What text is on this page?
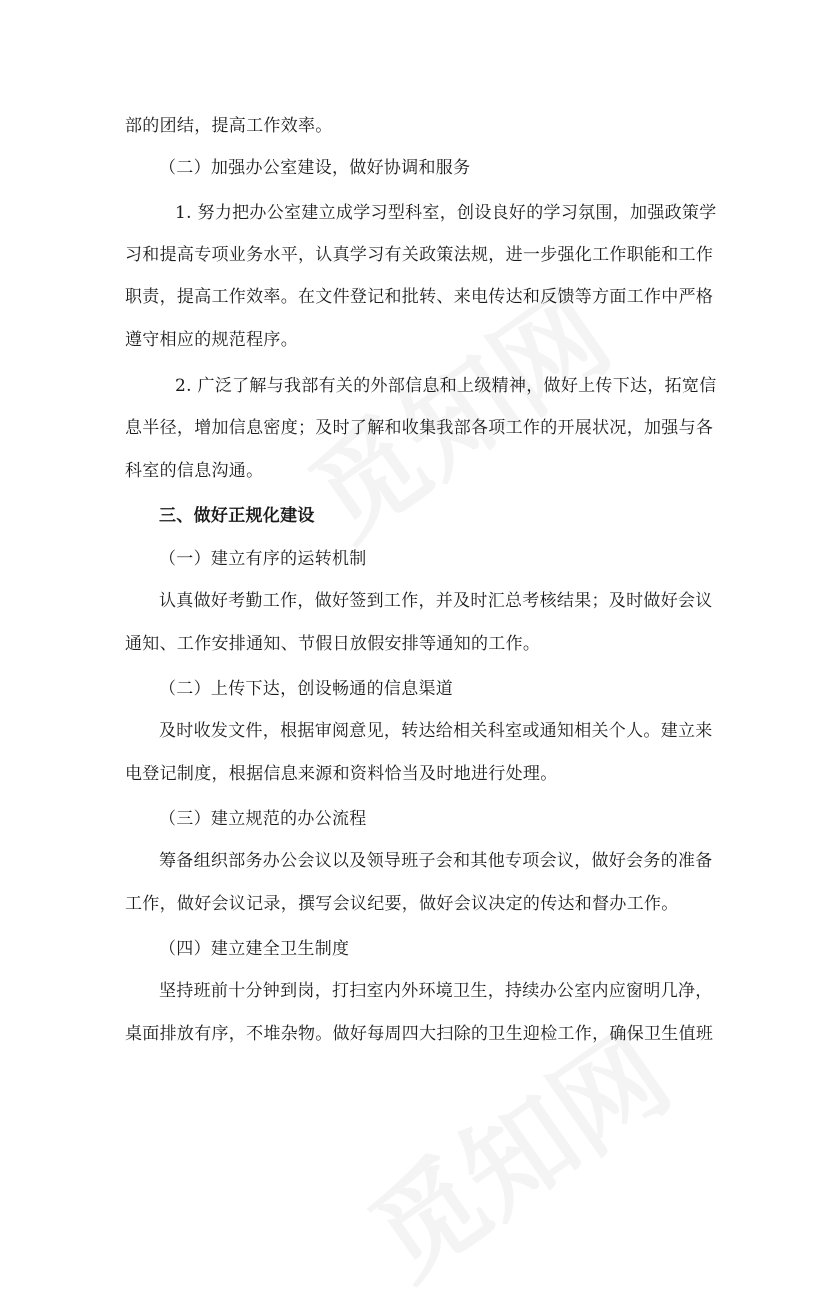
部的团结，提高工作效率。
（二）加强办公室建设，做好协调和服务
1. 努力把办公室建立成学习型科室，创设良好的学习氛围，加强政策学
习和提高专项业务水平，认真学习有关政策法规，进一步强化工作职能和工作
职责，提高工作效率。在文件登记和批转、来电传达和反馈等方面工作中严格
遵守相应的规范程序。
2. 广泛了解与我部有关的外部信息和上级精神，做好上传下达，拓宽信
息半径，增加信息密度；及时了解和收集我部各项工作的开展状况，加强与各
科室的信息沟通。
三、做好正规化建设
（一）建立有序的运转机制
认真做好考勤工作，做好签到工作，并及时汇总考核结果；及时做好会议
通知、工作安排通知、节假日放假安排等通知的工作。
（二）上传下达，创设畅通的信息渠道
及时收发文件，根据审阅意见，转达给相关科室或通知相关个人。建立来
电登记制度，根据信息来源和资料恰当及时地进行处理。
（三）建立规范的办公流程
筹备组织部务办公会议以及领导班子会和其他专项会议，做好会务的准备
工作，做好会议记录，撰写会议纪要，做好会议决定的传达和督办工作。
（四）建立建全卫生制度
坚持班前十分钟到岗，打扫室内外环境卫生，持续办公室内应窗明几净，
桌面排放有序，不堆杂物。做好每周四大扫除的卫生迎检工作，确保卫生值班
